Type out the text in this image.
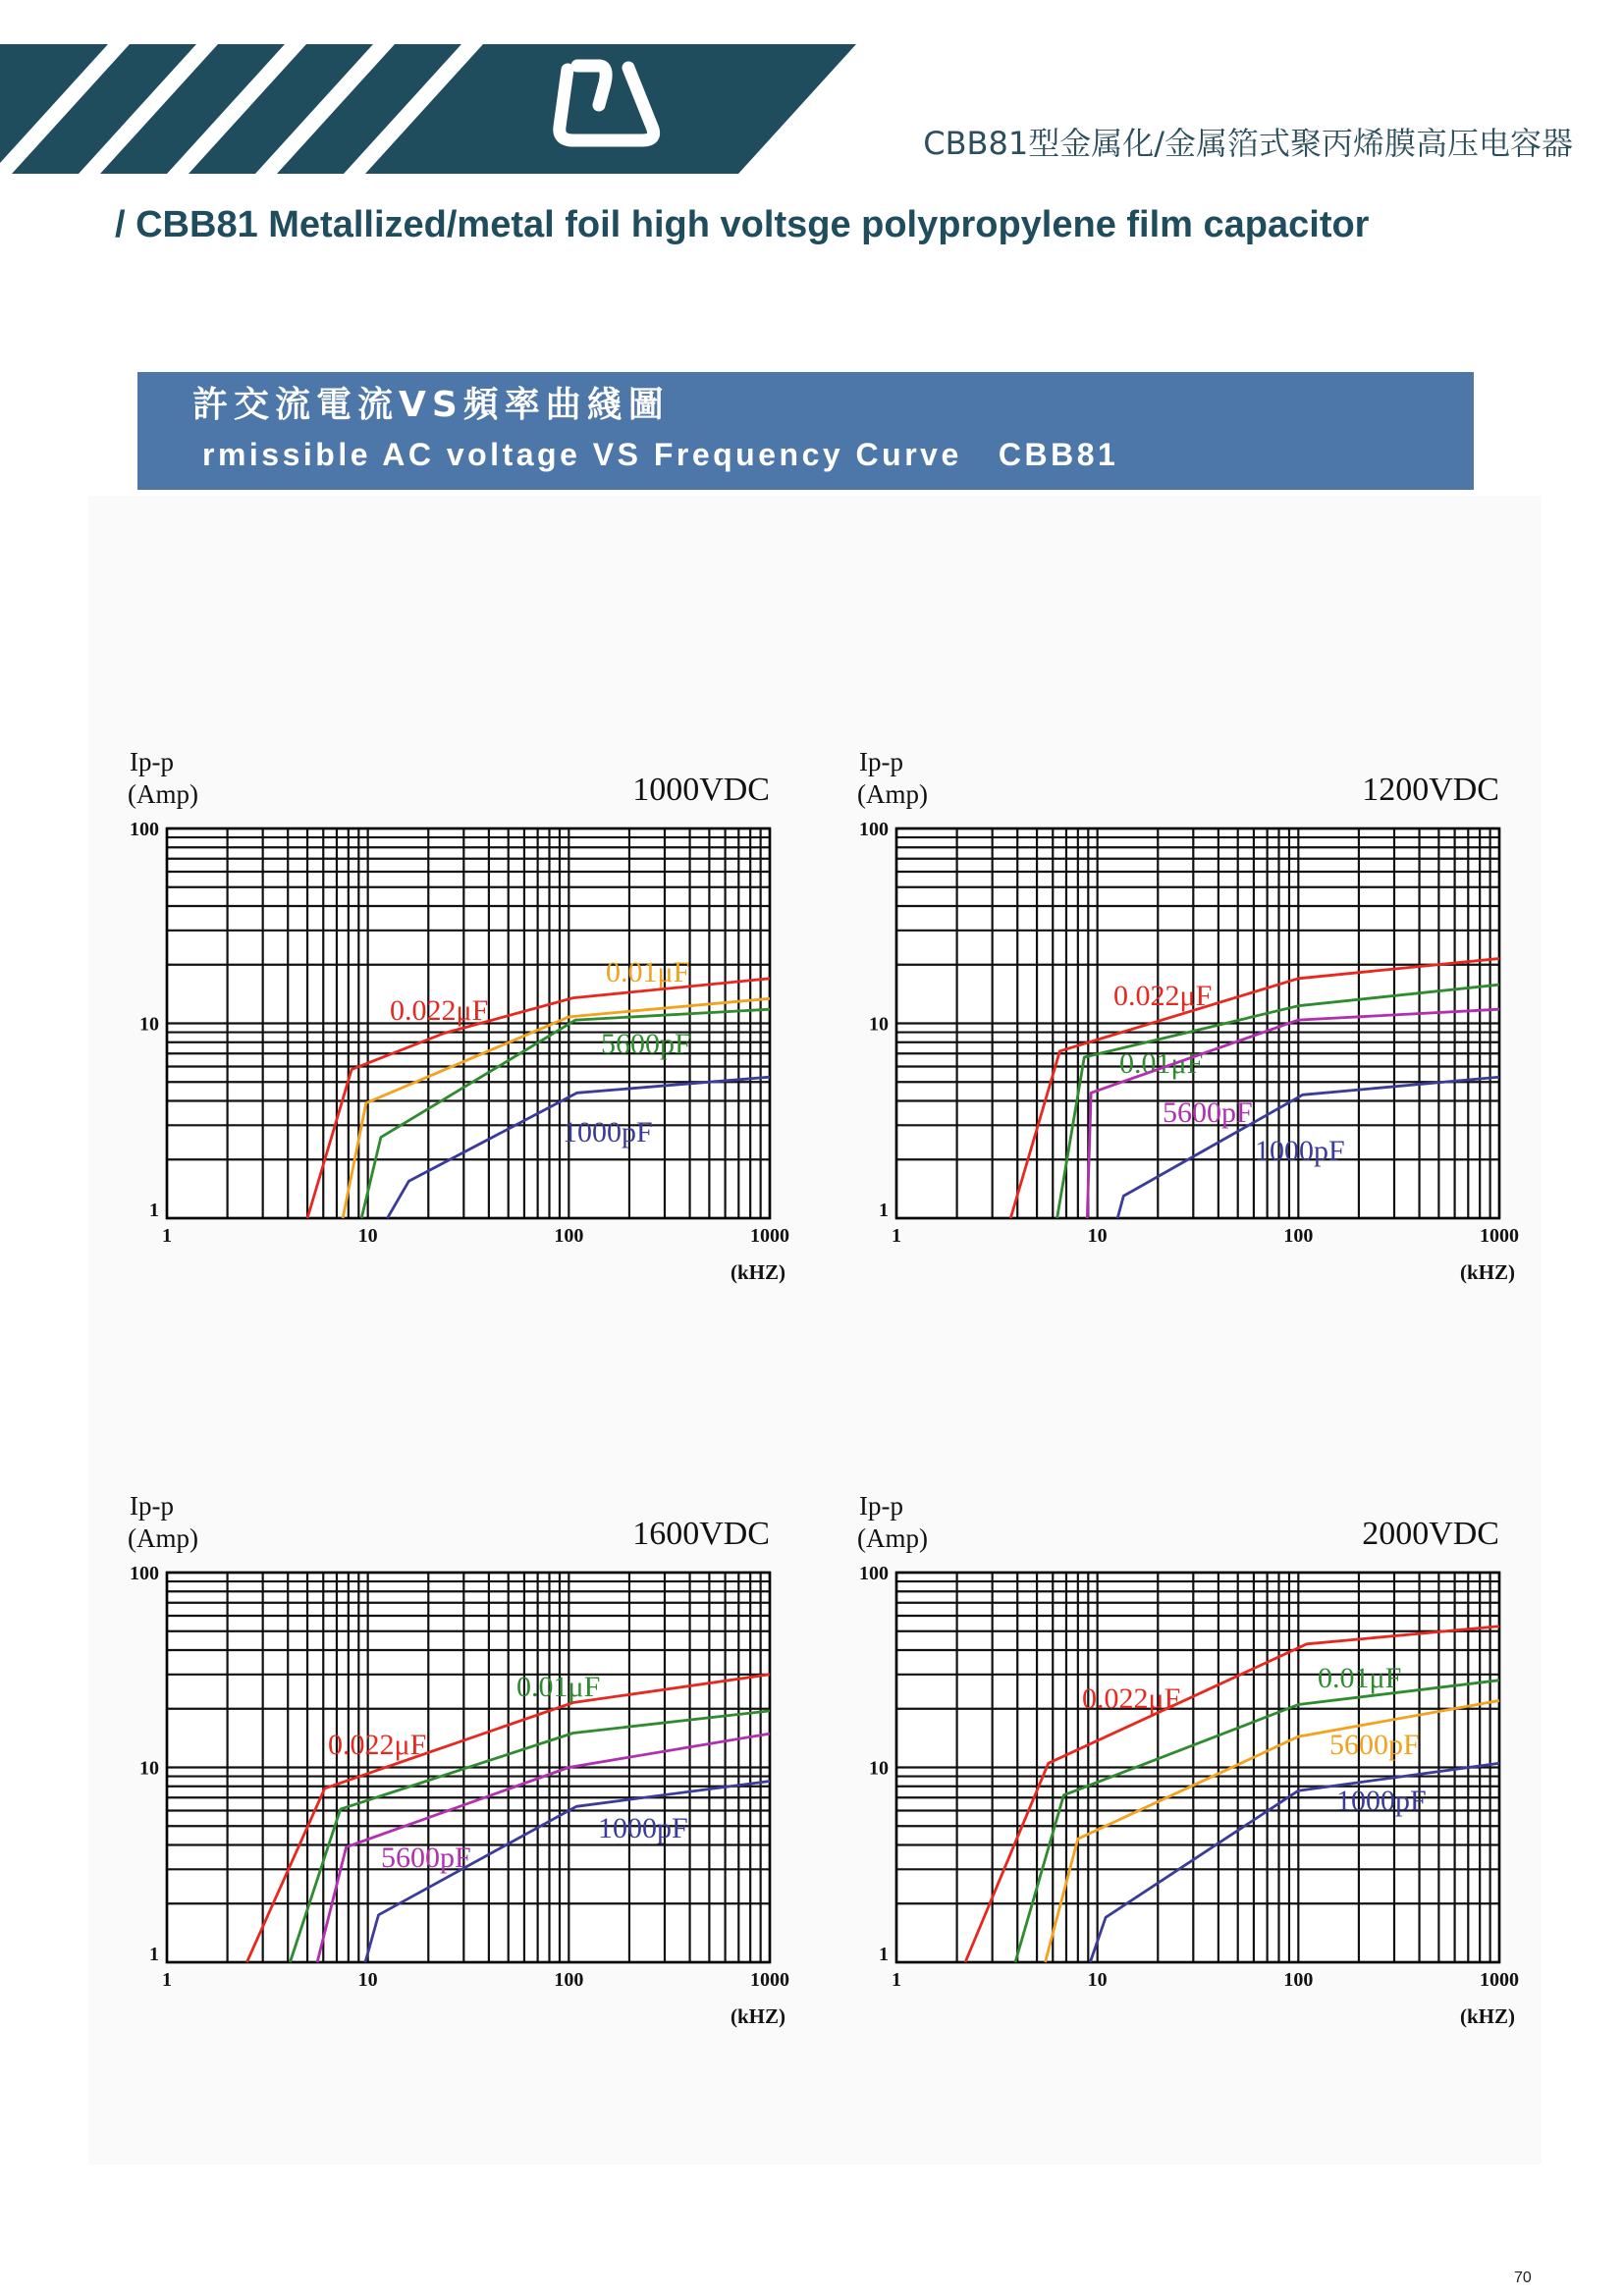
CBB81型金属化/金属箔式聚丙烯膜高压电容器
/ CBB81 Metallized/metal foil high voltsge polypropylene film capacitor
許交流電流VS頻率曲綫圖
rmissible AC voltage VS Frequency Curve   CBB81
Ip-p
(Amp)	1000VDC
100
10
1
1	10	100	1000
(kHZ)
0.022μF
0.01μF
5600pF
1000pF
Ip-p
(Amp)	1200VDC
100
10
1
1	10	100	1000
(kHZ)
0.022μF
0.01μF
5600pF
1000pF
Ip-p
(Amp)	1600VDC
100
10
1
1	10	100	1000
(kHZ)
0.022μF
0.01μF
5600pF
1000pF
Ip-p
(Amp)	2000VDC
100
10
1
1	10	100	1000
(kHZ)
0.022μF
0.01μF
5600pF
1000pF
70
